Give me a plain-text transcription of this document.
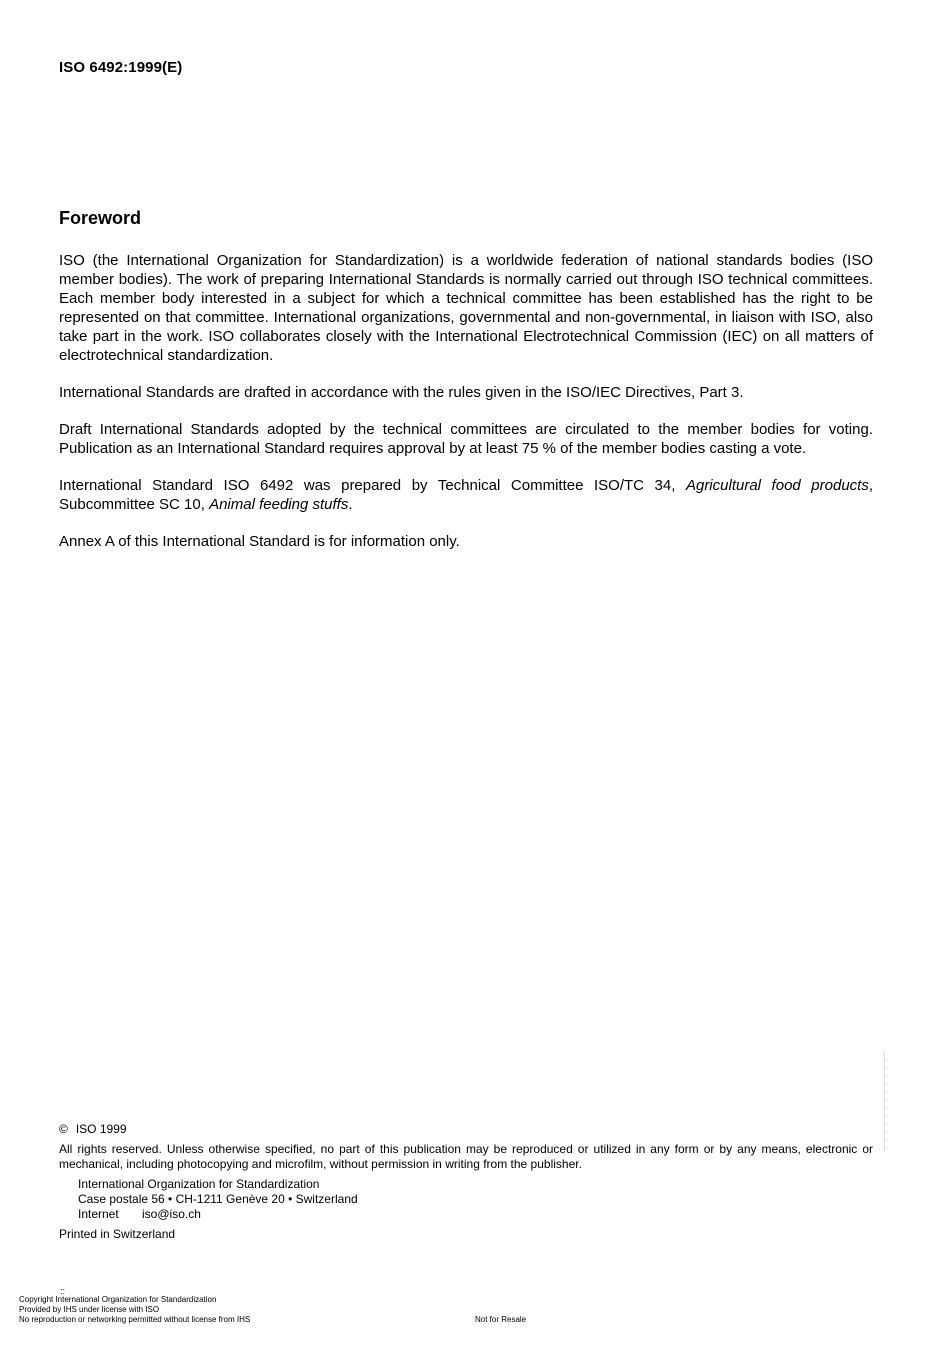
ISO 6492:1999(E)
Foreword

ISO (the International Organization for Standardization) is a worldwide federation of national standards bodies (ISO member bodies). The work of preparing International Standards is normally carried out through ISO technical committees. Each member body interested in a subject for which a technical committee has been established has the right to be represented on that committee. International organizations, governmental and non-governmental, in liaison with ISO, also take part in the work. ISO collaborates closely with the International Electrotechnical Commission (IEC) on all matters of electrotechnical standardization.

International Standards are drafted in accordance with the rules given in the ISO/IEC Directives, Part 3.

Draft International Standards adopted by the technical committees are circulated to the member bodies for voting. Publication as an International Standard requires approval by at least 75 % of the member bodies casting a vote.

International Standard ISO 6492 was prepared by Technical Committee ISO/TC 34, Agricultural food products, Subcommittee SC 10, Animal feeding stuffs.

Annex A of this International Standard is for information only.

© ISO 1999
All rights reserved. Unless otherwise specified, no part of this publication may be reproduced or utilized in any form or by any means, electronic or mechanical, including photocopying and microfilm, without permission in writing from the publisher.
International Organization for Standardization
Case postale 56 • CH-1211 Genève 20 • Switzerland
Internet iso@iso.ch
Printed in Switzerland
::
Copyright International Organization for Standardization
Provided by IHS under license with ISO
No reproduction or networking permitted without license from IHS	Not for Resale
